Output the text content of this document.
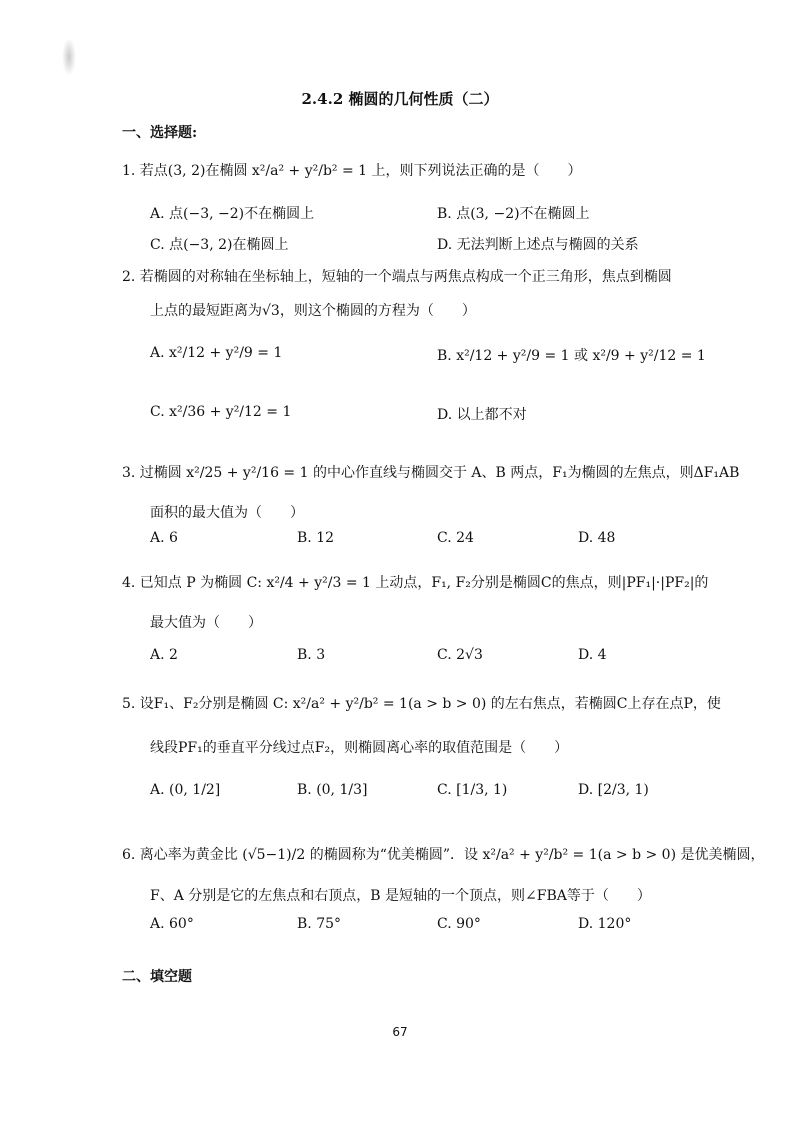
2.4.2 椭圆的几何性质（二）
一、选择题:
1. 若点(3, 2)在椭圆 x²/a² + y²/b² = 1 上，则下列说法正确的是（　　）
A. 点(−3, −2)不在椭圆上	B. 点(3, −2)不在椭圆上
C. 点(−3, 2)在椭圆上	D. 无法判断上述点与椭圆的关系
2. 若椭圆的对称轴在坐标轴上，短轴的一个端点与两焦点构成一个正三角形，焦点到椭圆
上点的最短距离为√3，则这个椭圆的方程为（　　）
A. x²/12 + y²/9 = 1	B. x²/12 + y²/9 = 1 或 x²/9 + y²/12 = 1
C. x²/36 + y²/12 = 1	D. 以上都不对
3. 过椭圆 x²/25 + y²/16 = 1 的中心作直线与椭圆交于 A、B 两点，F₁为椭圆的左焦点，则ΔF₁AB
面积的最大值为（　　）
A. 6	B. 12	C. 24	D. 48
4. 已知点 P 为椭圆 C: x²/4 + y²/3 = 1 上动点，F₁, F₂分别是椭圆C的焦点，则|PF₁|·|PF₂|的
最大值为（　　）
A. 2	B. 3	C. 2√3	D. 4
5. 设F₁、F₂分别是椭圆 C: x²/a² + y²/b² = 1(a > b > 0) 的左右焦点，若椭圆C上存在点P，使
线段PF₁的垂直平分线过点F₂，则椭圆离心率的取值范围是（　　）
A. (0, 1/2]	B. (0, 1/3]	C. [1/3, 1)	D. [2/3, 1)
6. 离心率为黄金比 (√5−1)/2 的椭圆称为“优美椭圆”．设 x²/a² + y²/b² = 1(a > b > 0) 是优美椭圆，
F、A 分别是它的左焦点和右顶点，B 是短轴的一个顶点，则∠FBA等于（　　）
A. 60°	B. 75°	C. 90°	D. 120°
二、填空题
67
